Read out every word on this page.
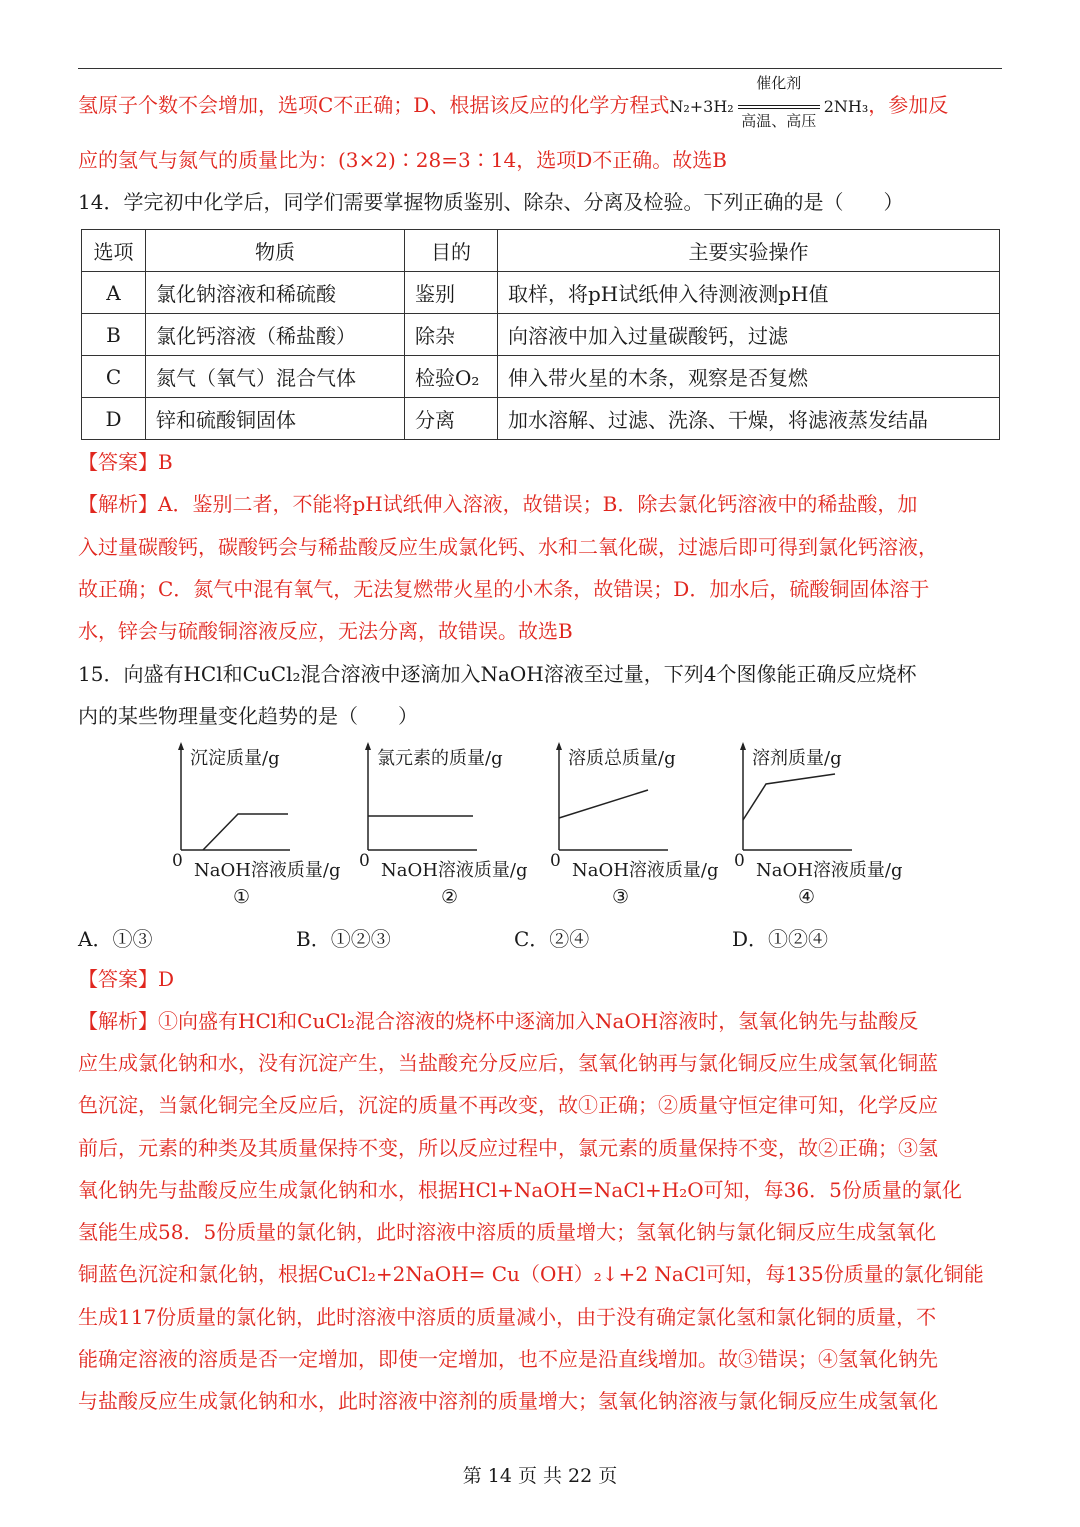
氢原子个数不会增加，选项C不正确；D、根据该反应的化学方程式N₂+3H₂
催化剂
高温、高压
2NH₃，参加反
应的氢气与氮气的质量比为：(3×2)∶28=3∶14，选项D不正确。故选B
14．学完初中化学后，同学们需要掌握物质鉴别、除杂、分离及检验。下列正确的是（　　）
选项	物质	目的	主要实验操作
A	氯化钠溶液和稀硫酸	鉴别	取样，将pH试纸伸入待测液测pH值
B	氯化钙溶液（稀盐酸）	除杂	向溶液中加入过量碳酸钙，过滤
C	氮气（氧气）混合气体	检验O₂	伸入带火星的木条，观察是否复燃
D	锌和硫酸铜固体	分离	加水溶解、过滤、洗涤、干燥，将滤液蒸发结晶
【答案】B
【解析】A．鉴别二者，不能将pH试纸伸入溶液，故错误；B．除去氯化钙溶液中的稀盐酸，加
入过量碳酸钙，碳酸钙会与稀盐酸反应生成氯化钙、水和二氧化碳，过滤后即可得到氯化钙溶液，
故正确；C．氮气中混有氧气，无法复燃带火星的小木条，故错误；D．加水后，硫酸铜固体溶于
水，锌会与硫酸铜溶液反应，无法分离，故错误。故选B
15．向盛有HCl和CuCl₂混合溶液中逐滴加入NaOH溶液至过量，下列4个图像能正确反应烧杯
内的某些物理量变化趋势的是（　　）
沉淀质量/g
0 NaOH溶液质量/g
①
氯元素的质量/g
0 NaOH溶液质量/g
②
溶质总质量/g
0 NaOH溶液质量/g
③
溶剂质量/g
0 NaOH溶液质量/g
④
A．①③	B．①②③	C．②④	D．①②④
【答案】D
【解析】①向盛有HCl和CuCl₂混合溶液的烧杯中逐滴加入NaOH溶液时，氢氧化钠先与盐酸反
应生成氯化钠和水，没有沉淀产生，当盐酸充分反应后，氢氧化钠再与氯化铜反应生成氢氧化铜蓝
色沉淀，当氯化铜完全反应后，沉淀的质量不再改变，故①正确；②质量守恒定律可知，化学反应
前后，元素的种类及其质量保持不变，所以反应过程中，氯元素的质量保持不变，故②正确；③氢
氧化钠先与盐酸反应生成氯化钠和水，根据HCl+NaOH=NaCl+H₂O可知，每36．5份质量的氯化
氢能生成58．5份质量的氯化钠，此时溶液中溶质的质量增大；氢氧化钠与氯化铜反应生成氢氧化
铜蓝色沉淀和氯化钠，根据CuCl₂+2NaOH= Cu（OH）₂↓+2 NaCl可知，每135份质量的氯化铜能
生成117份质量的氯化钠，此时溶液中溶质的质量减小，由于没有确定氯化氢和氯化铜的质量，不
能确定溶液的溶质是否一定增加，即使一定增加，也不应是沿直线增加。故③错误；④氢氧化钠先
与盐酸反应生成氯化钠和水，此时溶液中溶剂的质量增大；氢氧化钠溶液与氯化铜反应生成氢氧化
第 14 页 共 22 页
